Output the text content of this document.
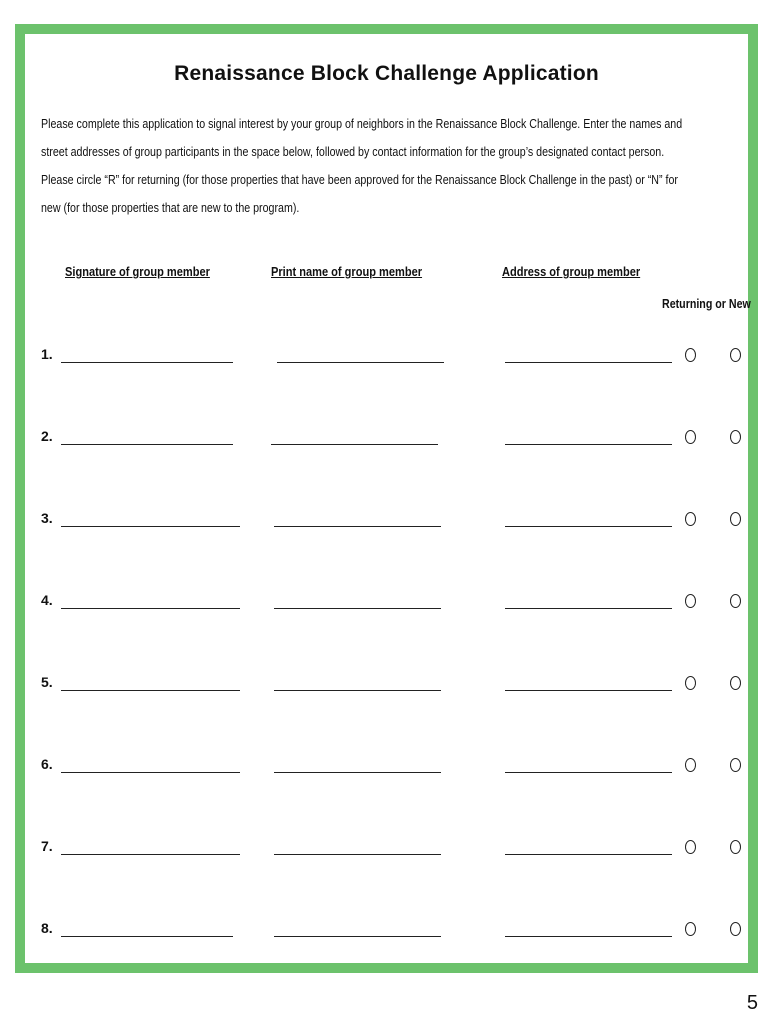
Renaissance Block Challenge Application
Please complete this application to signal interest by your group of neighbors in the Renaissance Block Challenge. Enter the names and
street addresses of group participants in the space below, followed by contact information for the group’s designated contact person.
Please circle “R” for returning (for those properties that have been approved for the Renaissance Block Challenge in the past) or “N” for
new (for those properties that are new to the program).
Signature of group member	Print name of group member	Address of group member
Returning or New
1.
2.
3.
4.
5.
6.
7.
8.
5
